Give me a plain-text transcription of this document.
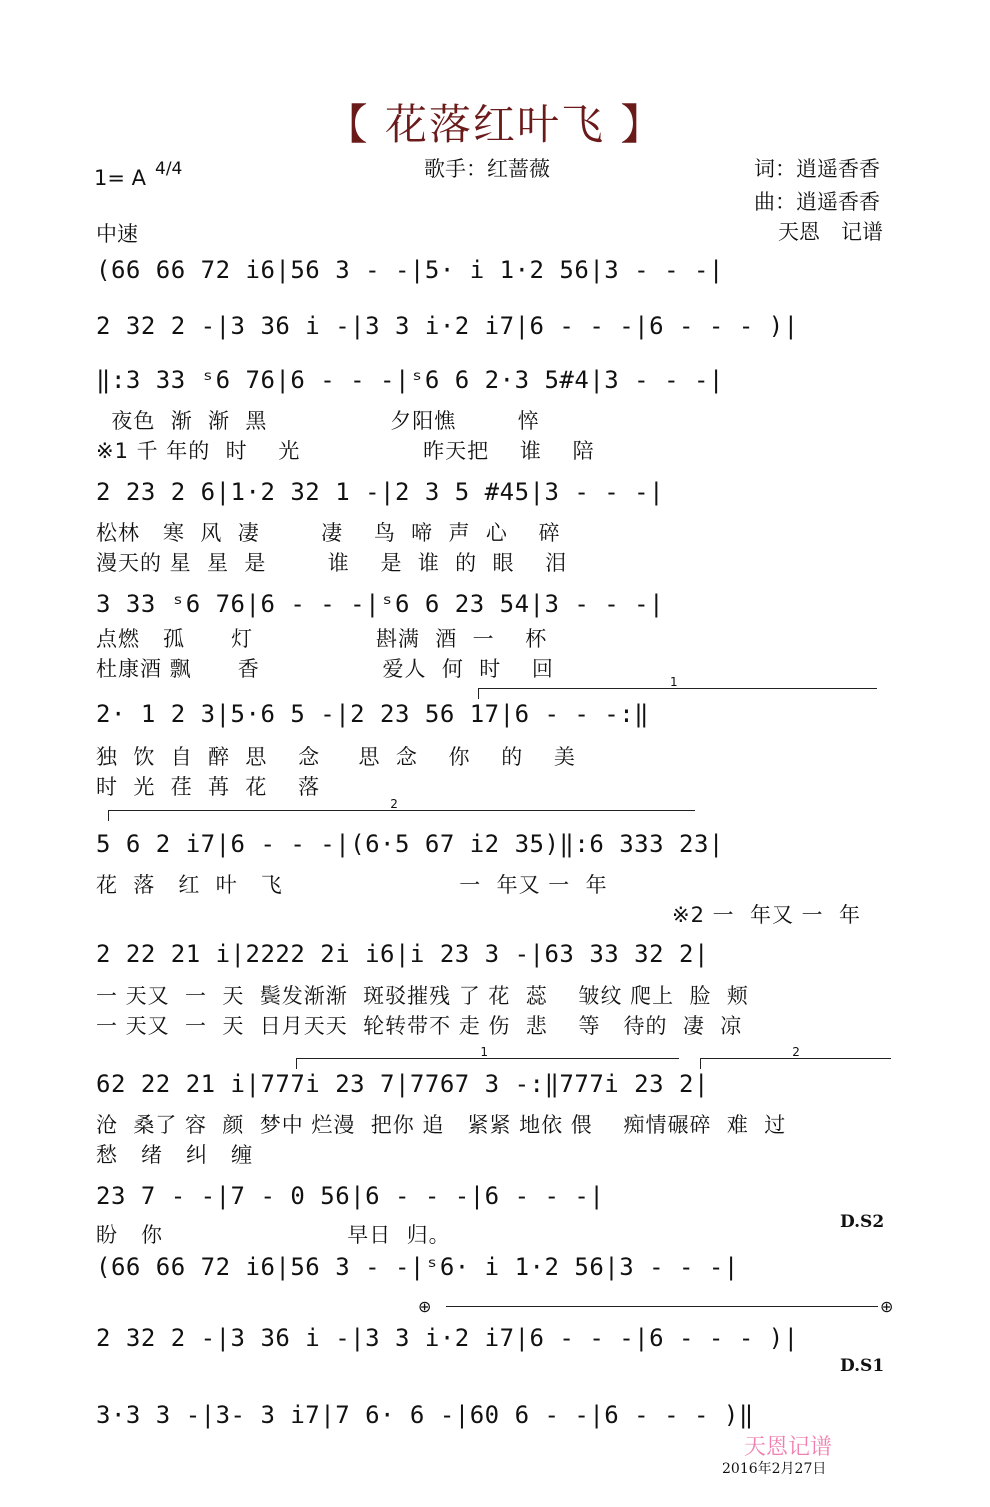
【 花落红叶飞 】
1= A 4/4	歌手：红蔷薇	词：逍遥香香
曲：逍遥香香
天恩　记谱
中速
(66 66 72 i6|56 3 - -|5· i 1·2 56|3 - - -|
2 32 2 -|3 36 i -|3 3 i·2 i7|6 - - -|6 - - - )|
‖:3 33 ˢ6 76|6 - - -|ˢ6 6 2·3 5#4|3 - - -|
夜色  渐  渐  黑                夕阳憔        悴
※1 千 年的  时    光                昨天把    谁    陪
2 23 2 6|1·2 32 1 -|2 3 5 #45|3 - - -|
松林   寒  风  凄        凄    鸟  啼  声  心    碎
漫天的 星  星  是        谁    是  谁  的  眼    泪
3 33 ˢ6 76|6 - - -|ˢ6 6 23 54|3 - - -|
点燃   孤      灯                斟满  酒  一    杯
杜康酒 飘      香                爱人  何  时    回
1
2· 1 2 3|5·6 5 -|2 23 56 17|6 - - -:‖
独  饮  自  醉  思    念     思  念    你    的    美
时  光  荏  苒  花    落
2
5 6 2 i7|6 - - -|(6·5 67 i2 35)‖:6 333 23|
花  落   红  叶   飞                       一  年又 一  年
※2 一  年又 一  年
2 22 21 i|2222 2i i6|i 23 3 -|63 33 32 2|
一 天又  一  天  鬓发渐渐  斑驳摧残 了 花  蕊    皱纹 爬上  脸  颊
一 天又  一  天  日月天天  轮转带不 走 伤  悲    等   待的  凄  凉
1	2
62 22 21 i|777i 23 7|7767 3 -:‖777i 23 2|
沧  桑了 容  颜  梦中 烂漫  把你 追   紧紧 地依 偎    痴情碾碎  难  过
愁   绪   纠   缠
23 7 - -|7 - 0 56|6 - - -|6 - - -|
盼   你                        早日  归。
D.S2
(66 66 72 i6|56 3 - -|ˢ6· i 1·2 56|3 - - -|
⊕	⊕
2 32 2 -|3 36 i -|3 3 i·2 i7|6 - - -|6 - - - )|
D.S1
3·3 3 -|3- 3 i7|7 6· 6 -|60 6 - -|6 - - - )‖
天恩记谱
2016年2月27日
